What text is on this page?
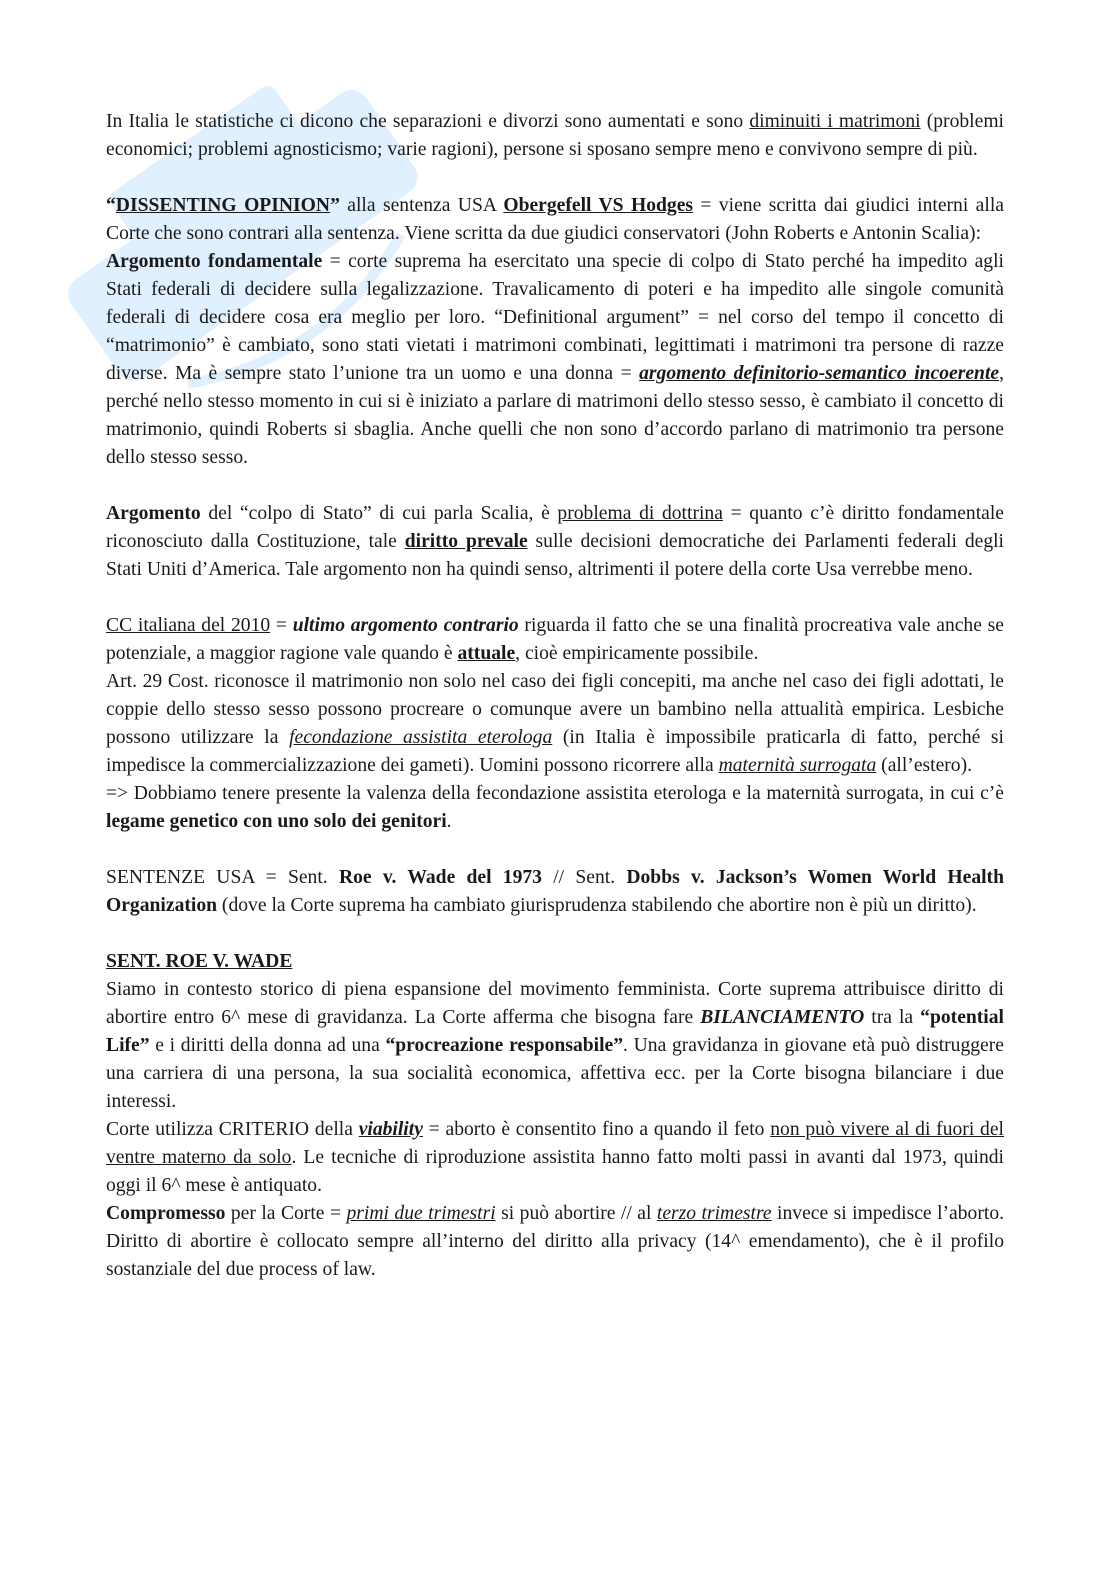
In Italia le statistiche ci dicono che separazioni e divorzi sono aumentati e sono diminuiti i matrimoni (problemi economici; problemi agnosticismo; varie ragioni), persone si sposano sempre meno e convivono sempre di più.

“DISSENTING OPINION” alla sentenza USA Obergefell VS Hodges = viene scritta dai giudici interni alla Corte che sono contrari alla sentenza. Viene scritta da due giudici conservatori (John Roberts e Antonin Scalia):

Argomento fondamentale = corte suprema ha esercitato una specie di colpo di Stato perché ha impedito agli Stati federali di decidere sulla legalizzazione. Travalicamento di poteri e ha impedito alle singole comunità federali di decidere cosa era meglio per loro. “Definitional argument” = nel corso del tempo il concetto di “matrimonio” è cambiato, sono stati vietati i matrimoni combinati, legittimati i matrimoni tra persone di razze diverse. Ma è sempre stato l’unione tra un uomo e una donna = argomento definitorio-semantico incoerente, perché nello stesso momento in cui si è iniziato a parlare di matrimoni dello stesso sesso, è cambiato il concetto di matrimonio, quindi Roberts si sbaglia. Anche quelli che non sono d’accordo parlano di matrimonio tra persone dello stesso sesso.

Argomento del “colpo di Stato” di cui parla Scalia, è problema di dottrina = quanto c’è diritto fondamentale riconosciuto dalla Costituzione, tale diritto prevale sulle decisioni democratiche dei Parlamenti federali degli Stati Uniti d’America. Tale argomento non ha quindi senso, altrimenti il potere della corte Usa verrebbe meno.

CC italiana del 2010 = ultimo argomento contrario riguarda il fatto che se una finalità procreativa vale anche se potenziale, a maggior ragione vale quando è attuale, cioè empiricamente possibile.

Art. 29 Cost. riconosce il matrimonio non solo nel caso dei figli concepiti, ma anche nel caso dei figli adottati, le coppie dello stesso sesso possono procreare o comunque avere un bambino nella attualità empirica. Lesbiche possono utilizzare la fecondazione assistita eterologa (in Italia è impossibile praticarla di fatto, perché si impedisce la commercializzazione dei gameti). Uomini possono ricorrere alla maternità surrogata (all’estero).

=> Dobbiamo tenere presente la valenza della fecondazione assistita eterologa e la maternità surrogata, in cui c’è legame genetico con uno solo dei genitori.

SENTENZE USA = Sent. Roe v. Wade del 1973 // Sent. Dobbs v. Jackson’s Women World Health Organization (dove la Corte suprema ha cambiato giurisprudenza stabilendo che abortire non è più un diritto).

SENT. ROE V. WADE

Siamo in contesto storico di piena espansione del movimento femminista. Corte suprema attribuisce diritto di abortire entro 6^ mese di gravidanza. La Corte afferma che bisogna fare BILANCIAMENTO tra la “potential Life” e i diritti della donna ad una “procreazione responsabile”. Una gravidanza in giovane età può distruggere una carriera di una persona, la sua socialità economica, affettiva ecc. per la Corte bisogna bilanciare i due interessi.

Corte utilizza CRITERIO della viability = aborto è consentito fino a quando il feto non può vivere al di fuori del ventre materno da solo. Le tecniche di riproduzione assistita hanno fatto molti passi in avanti dal 1973, quindi oggi il 6^ mese è antiquato.

Compromesso per la Corte = primi due trimestri si può abortire // al terzo trimestre invece si impedisce l’aborto. Diritto di abortire è collocato sempre all’interno del diritto alla privacy (14^ emendamento), che è il profilo sostanziale del due process of law.
